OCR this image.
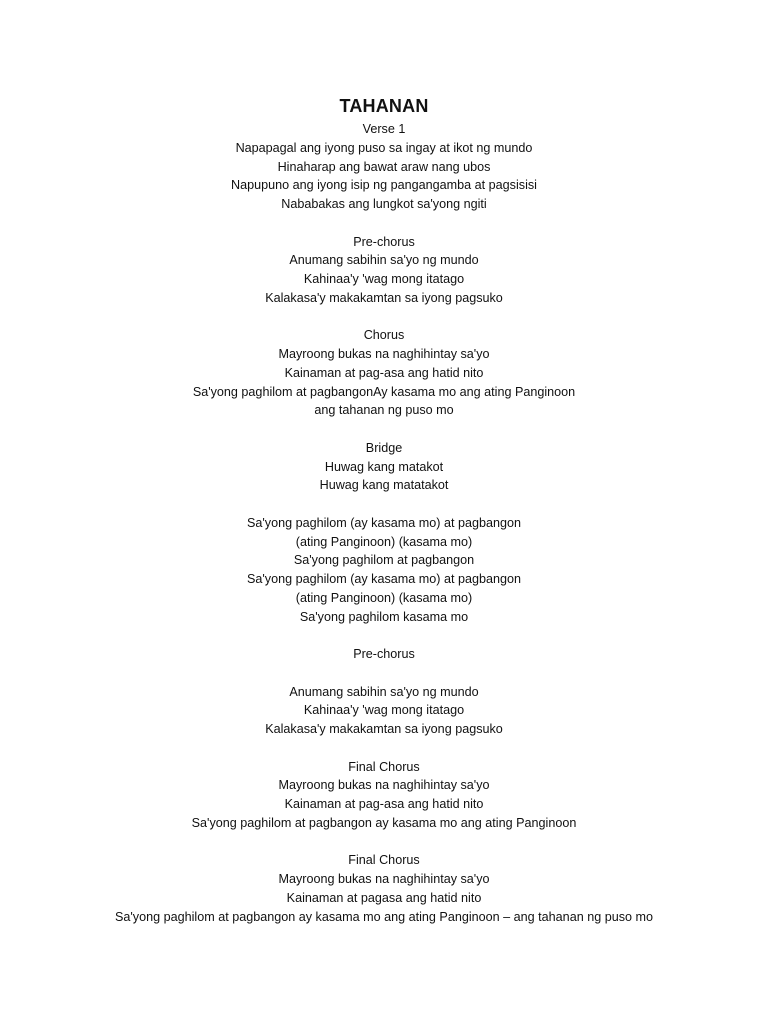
TAHANAN
Verse 1
Napapagal ang iyong puso sa ingay at ikot ng mundo
Hinaharap ang bawat araw nang ubos
Napupuno ang iyong isip ng pangangamba at pagsisisi
Nababakas ang lungkot sa'yong ngiti
Pre-chorus
Anumang sabihin sa'yo ng mundo
Kahinaa'y 'wag mong itatago
Kalakasa'y makakamtan sa iyong pagsuko
Chorus
Mayroong bukas na naghihintay sa'yo
Kainaman at pag-asa ang hatid nito
Sa'yong paghilom at pagbangonAy kasama mo ang ating Panginoon
ang tahanan ng puso mo
Bridge
Huwag kang matakot
Huwag kang matatakot
Sa'yong paghilom (ay kasama mo) at pagbangon
(ating Panginoon) (kasama mo)
Sa'yong paghilom at pagbangon
Sa'yong paghilom (ay kasama mo) at pagbangon
(ating Panginoon) (kasama mo)
Sa'yong paghilom kasama mo
Pre-chorus
Anumang sabihin sa'yo ng mundo
Kahinaa'y 'wag mong itatago
Kalakasa'y makakamtan sa iyong pagsuko
Final Chorus
Mayroong bukas na naghihintay sa'yo
Kainaman at pag-asa ang hatid nito
Sa'yong paghilom at pagbangon ay kasama mo ang ating Panginoon
Final Chorus
Mayroong bukas na naghihintay sa'yo
Kainaman at pagasa ang hatid nito
Sa'yong paghilom at pagbangon ay kasama mo ang ating Panginoon – ang tahanan ng puso mo
